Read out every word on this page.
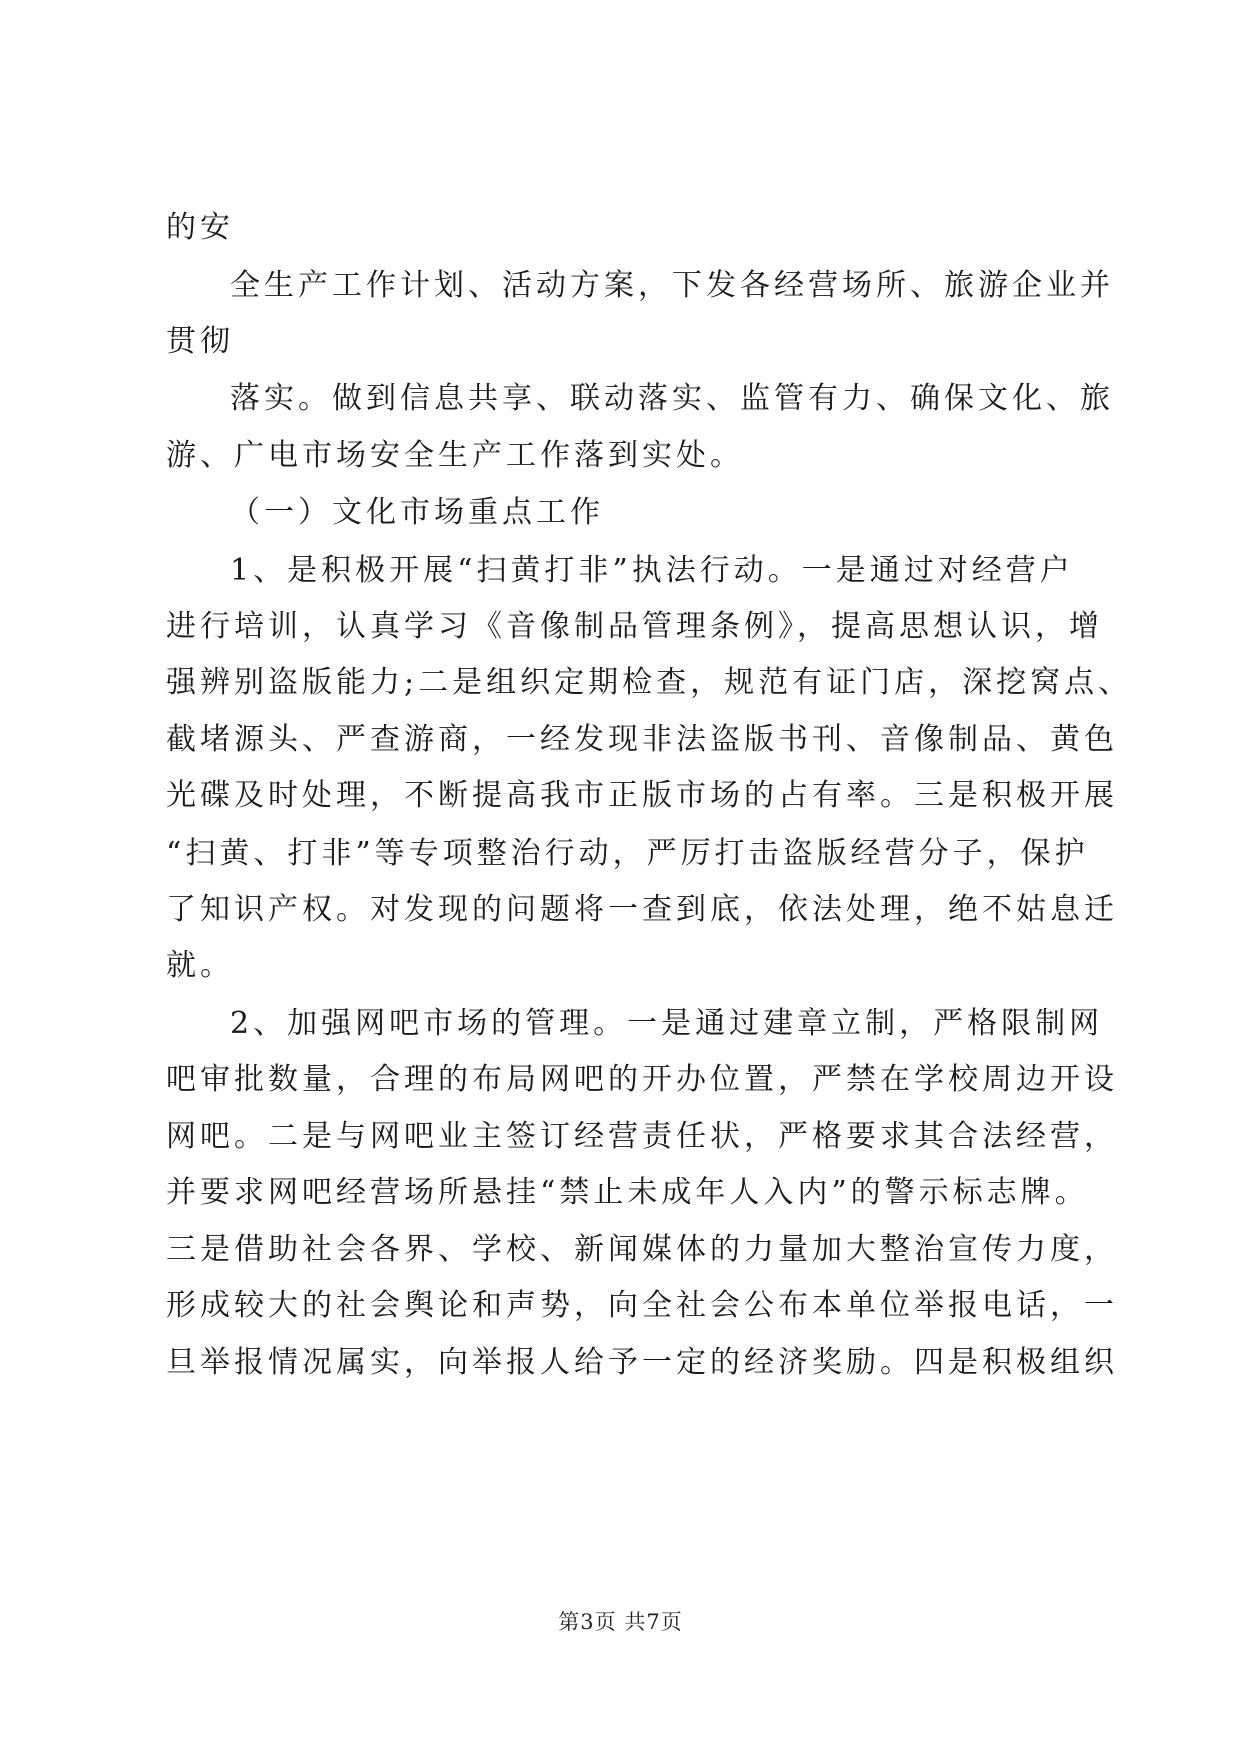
的安
全生产工作计划、活动方案，下发各经营场所、旅游企业并
贯彻
落实。做到信息共享、联动落实、监管有力、确保文化、旅
游、广电市场安全生产工作落到实处。
（一）文化市场重点工作
1、是积极开展“扫黄打非”执法行动。一是通过对经营户
进行培训，认真学习《音像制品管理条例》，提高思想认识，增
强辨别盗版能力;二是组织定期检查，规范有证门店，深挖窝点、
截堵源头、严查游商，一经发现非法盗版书刊、音像制品、黄色
光碟及时处理，不断提高我市正版市场的占有率。三是积极开展
“扫黄、打非”等专项整治行动，严厉打击盗版经营分子，保护
了知识产权。对发现的问题将一查到底，依法处理，绝不姑息迁
就。
2、加强网吧市场的管理。一是通过建章立制，严格限制网
吧审批数量，合理的布局网吧的开办位置，严禁在学校周边开设
网吧。二是与网吧业主签订经营责任状，严格要求其合法经营，
并要求网吧经营场所悬挂“禁止未成年人入内”的警示标志牌。
三是借助社会各界、学校、新闻媒体的力量加大整治宣传力度，
形成较大的社会舆论和声势，向全社会公布本单位举报电话，一
旦举报情况属实，向举报人给予一定的经济奖励。四是积极组织
第3页 共7页
